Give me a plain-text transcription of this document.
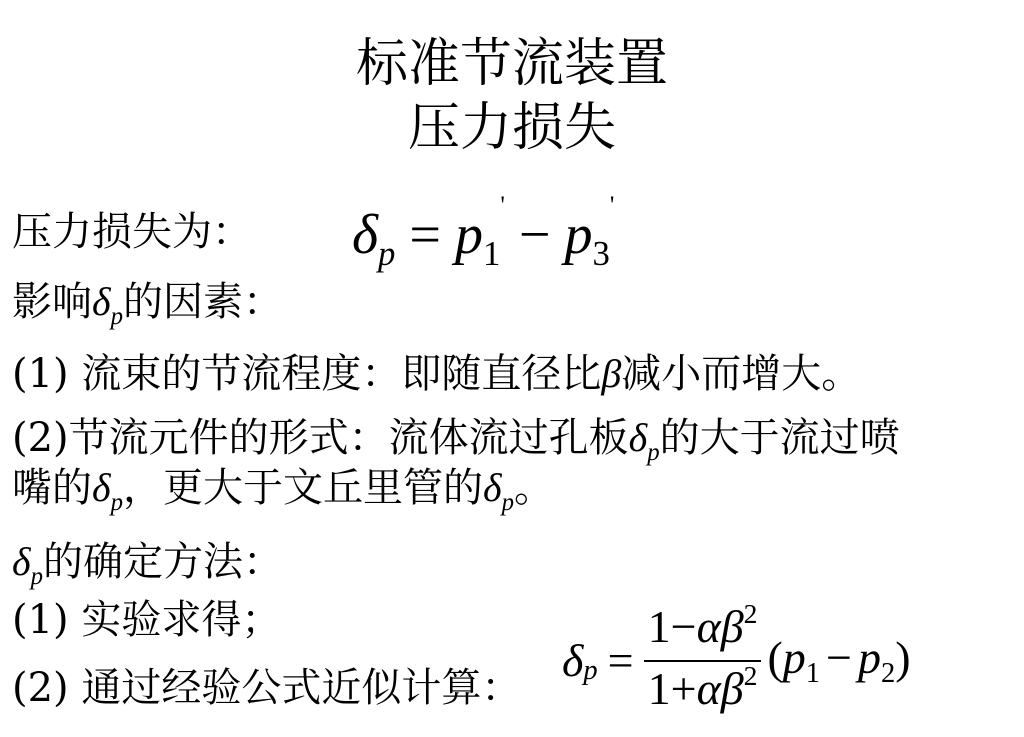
标准节流装置
压力损失
压力损失为： $\delta_p = p_1' - p_3'$
影响$\delta_p$的因素：
(1) 流束的节流程度：即随直径比β减小而增大。
(2)节流元件的形式：流体流过孔板$\delta_p$的大于流过喷
嘴的$\delta_p$，更大于文丘里管的$\delta_p$。
$\delta_p$的确定方法：
(1) 实验求得；
(2) 通过经验公式近似计算：
δ $p = \frac{1-\alpha\beta^2}{1+\alpha\beta^2} (p_1 - p_2)$
